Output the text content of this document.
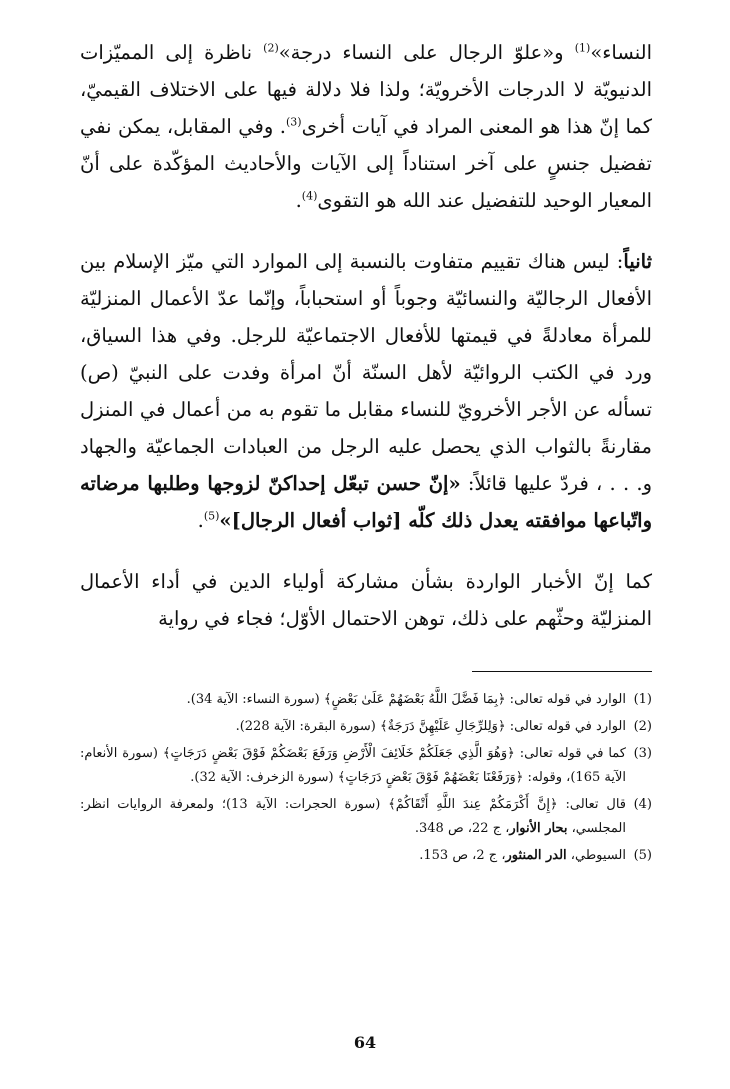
النساء»$^{(1)}$ و«علوّ الرجال على النساء درجة»$^{(2)}$ ناظرة إلى المميّزات الدنيويّة لا الدرجات الأخرويّة؛ ولذا فلا دلالة فيها على الاختلاف القيميّ، كما إنّ هذا هو المعنى المراد في آيات أخرى$^{(3)}$. وفي المقابل، يمكن نفي تفضيل جنسٍ على آخر استناداً إلى الآيات والأحاديث المؤكّدة على أنّ المعيار الوحيد للتفضيل عند الله هو التقوى$^{(4)}$.

ثانياً: ليس هناك تقييم متفاوت بالنسبة إلى الموارد التي ميّز الإسلام بين الأفعال الرجاليّة والنسائيّة وجوباً أو استحباباً، وإنّما عدّ الأعمال المنزليّة للمرأة معادلةً في قيمتها للأفعال الاجتماعيّة للرجل. وفي هذا السياق، ورد في الكتب الروائيّة لأهل السنّة أنّ امرأة وفدت على النبيّ (ص) تسأله عن الأجر الأخرويّ للنساء مقابل ما تقوم به من أعمال في المنزل مقارنةً بالثواب الذي يحصل عليه الرجل من العبادات الجماعيّة والجهاد و. . . ، فردّ عليها قائلاً: «إنّ حسن تبعّل إحداكنّ لزوجها وطلبها مرضاته واتّباعها موافقته يعدل ذلك كلّه [ثواب أفعال الرجال]»$^{(5)}$.

كما إنّ الأخبار الواردة بشأن مشاركة أولياء الدين في أداء الأعمال المنزليّة وحثّهم على ذلك، توهن الاحتمال الأوّل؛ فجاء في رواية

(1)
الوارد في قوله تعالى: ﴿بِمَا فَضَّلَ اللَّهُ بَعْضَهُمْ عَلَىٰ بَعْضٍ﴾ (سورة النساء: الآية 34).
(2)
الوارد في قوله تعالى: ﴿وَلِلرِّجَالِ عَلَيْهِنَّ دَرَجَةٌ﴾ (سورة البقرة: الآية 228).
(3)
كما في قوله تعالى: ﴿وَهُوَ الَّذِي جَعَلَكُمْ خَلَائِفَ الْأَرْضِ وَرَفَعَ بَعْضَكُمْ فَوْقَ بَعْضٍ دَرَجَاتٍ﴾ (سورة الأنعام: الآية 165)، وقوله: ﴿وَرَفَعْنَا بَعْضَهُمْ فَوْقَ بَعْضٍ دَرَجَاتٍ﴾ (سورة الزخرف: الآية 32).
(4)
قال تعالى: ﴿إِنَّ أَكْرَمَكُمْ عِندَ اللَّهِ أَتْقَاكُمْ﴾ (سورة الحجرات: الآية 13)؛ ولمعرفة الروايات انظر: المجلسي، بحار الأنوار، ج 22، ص 348.
(5)
السيوطي، الدر المنثور، ج 2، ص 153.
64
